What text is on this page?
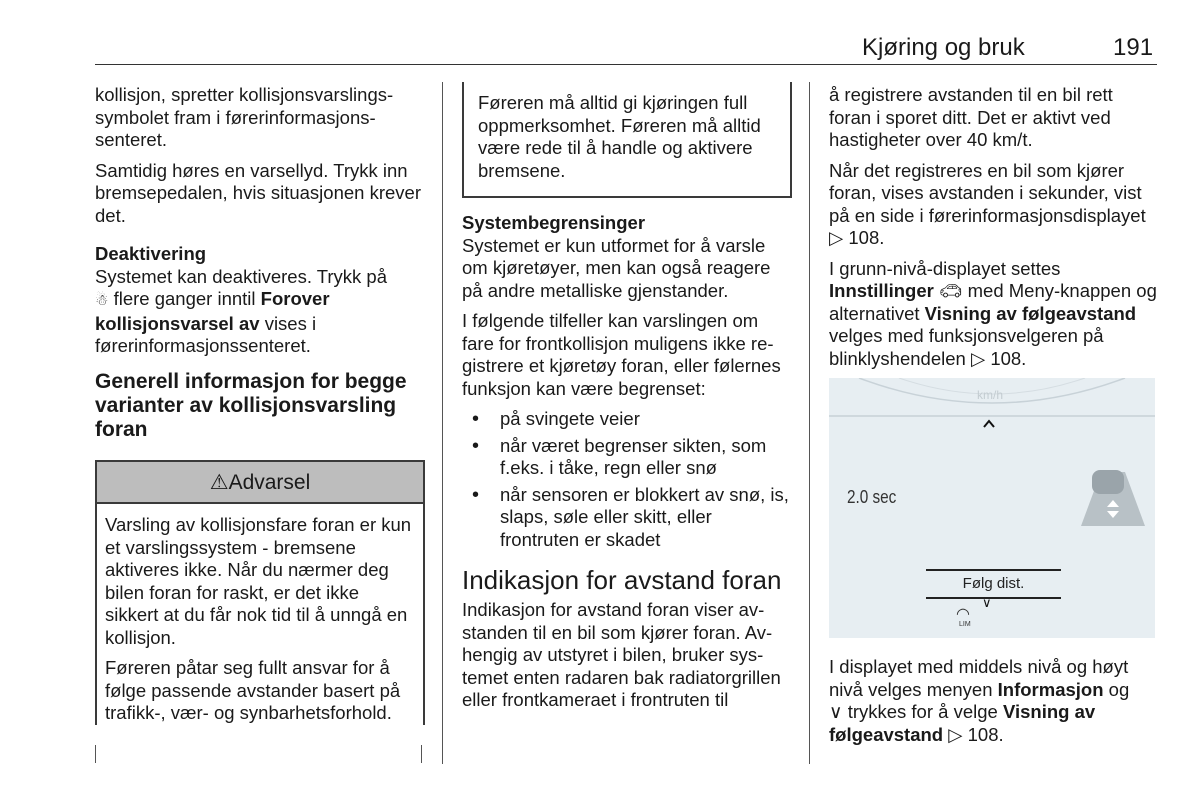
Kjøring og bruk	191

kollisjon, spretter kollisjonsvarslingssymbolet fram i førerinformasjonssenteret.

Samtidig høres en varsellyd. Trykk inn bremsepedalen, hvis situasjonen krever det.

Deaktivering

Systemet kan deaktiveres. Trykk på
☃ flere ganger inntil Forover kollisjonsvarsel av vises i førerinformasjonssenteret.

Generell informasjon for begge varianter av kollisjonsvarsling foran
⚠Advarsel

Varsling av kollisjonsfare foran er kun et varslingssystem - bremsene aktiveres ikke. Når du nærmer deg bilen foran for raskt, er det ikke sikkert at du får nok tid til å unngå en kollisjon.

Føreren påtar seg fullt ansvar for å følge passende avstander basert på trafikk-, vær- og synbarhetsforhold.

Føreren må alltid gi kjøringen full oppmerksomhet. Føreren må alltid være rede til å handle og aktivere bremsene.
Systembegrensinger

Systemet er kun utformet for å varsle om kjøretøyer, men kan også reagere på andre metalliske gjenstander.

I følgende tilfeller kan varslingen om fare for frontkollisjon muligens ikke registrere et kjøretøy foran, eller følernes funksjon kan være begrenset:

• på svingete veier
• når været begrenser sikten, som f.eks. i tåke, regn eller snø
• når sensoren er blokkert av snø, is, slaps, søle eller skitt, eller frontruten er skadet
Indikasjon for avstand foran

Indikasjon for avstand foran viser avstanden til en bil som kjører foran. Avhengig av utstyret i bilen, bruker systemet enten radaren bak radiatorgrillen eller frontkameraet i frontruten til

å registrere avstanden til en bil rett foran i sporet ditt. Det er aktivt ved hastigheter over 40 km/t.

Når det registreres en bil som kjører foran, vises avstanden i sekunder, vist på en side i førerinformasjonsdisplayet ▷ 108.

I grunn-nivå-displayet settes Innstillinger 🚗︎ med Meny-knappen og alternativet Visning av følgeavstand velges med funksjonsvelgeren på blinklyshendelen ▷ 108.

LIM
km/h
2.0 sec
Følg dist.
∨
◠

I displayet med middels nivå og høyt nivå velges menyen Informasjon og
∨ trykkes for å velge Visning av følgeavstand ▷ 108.
